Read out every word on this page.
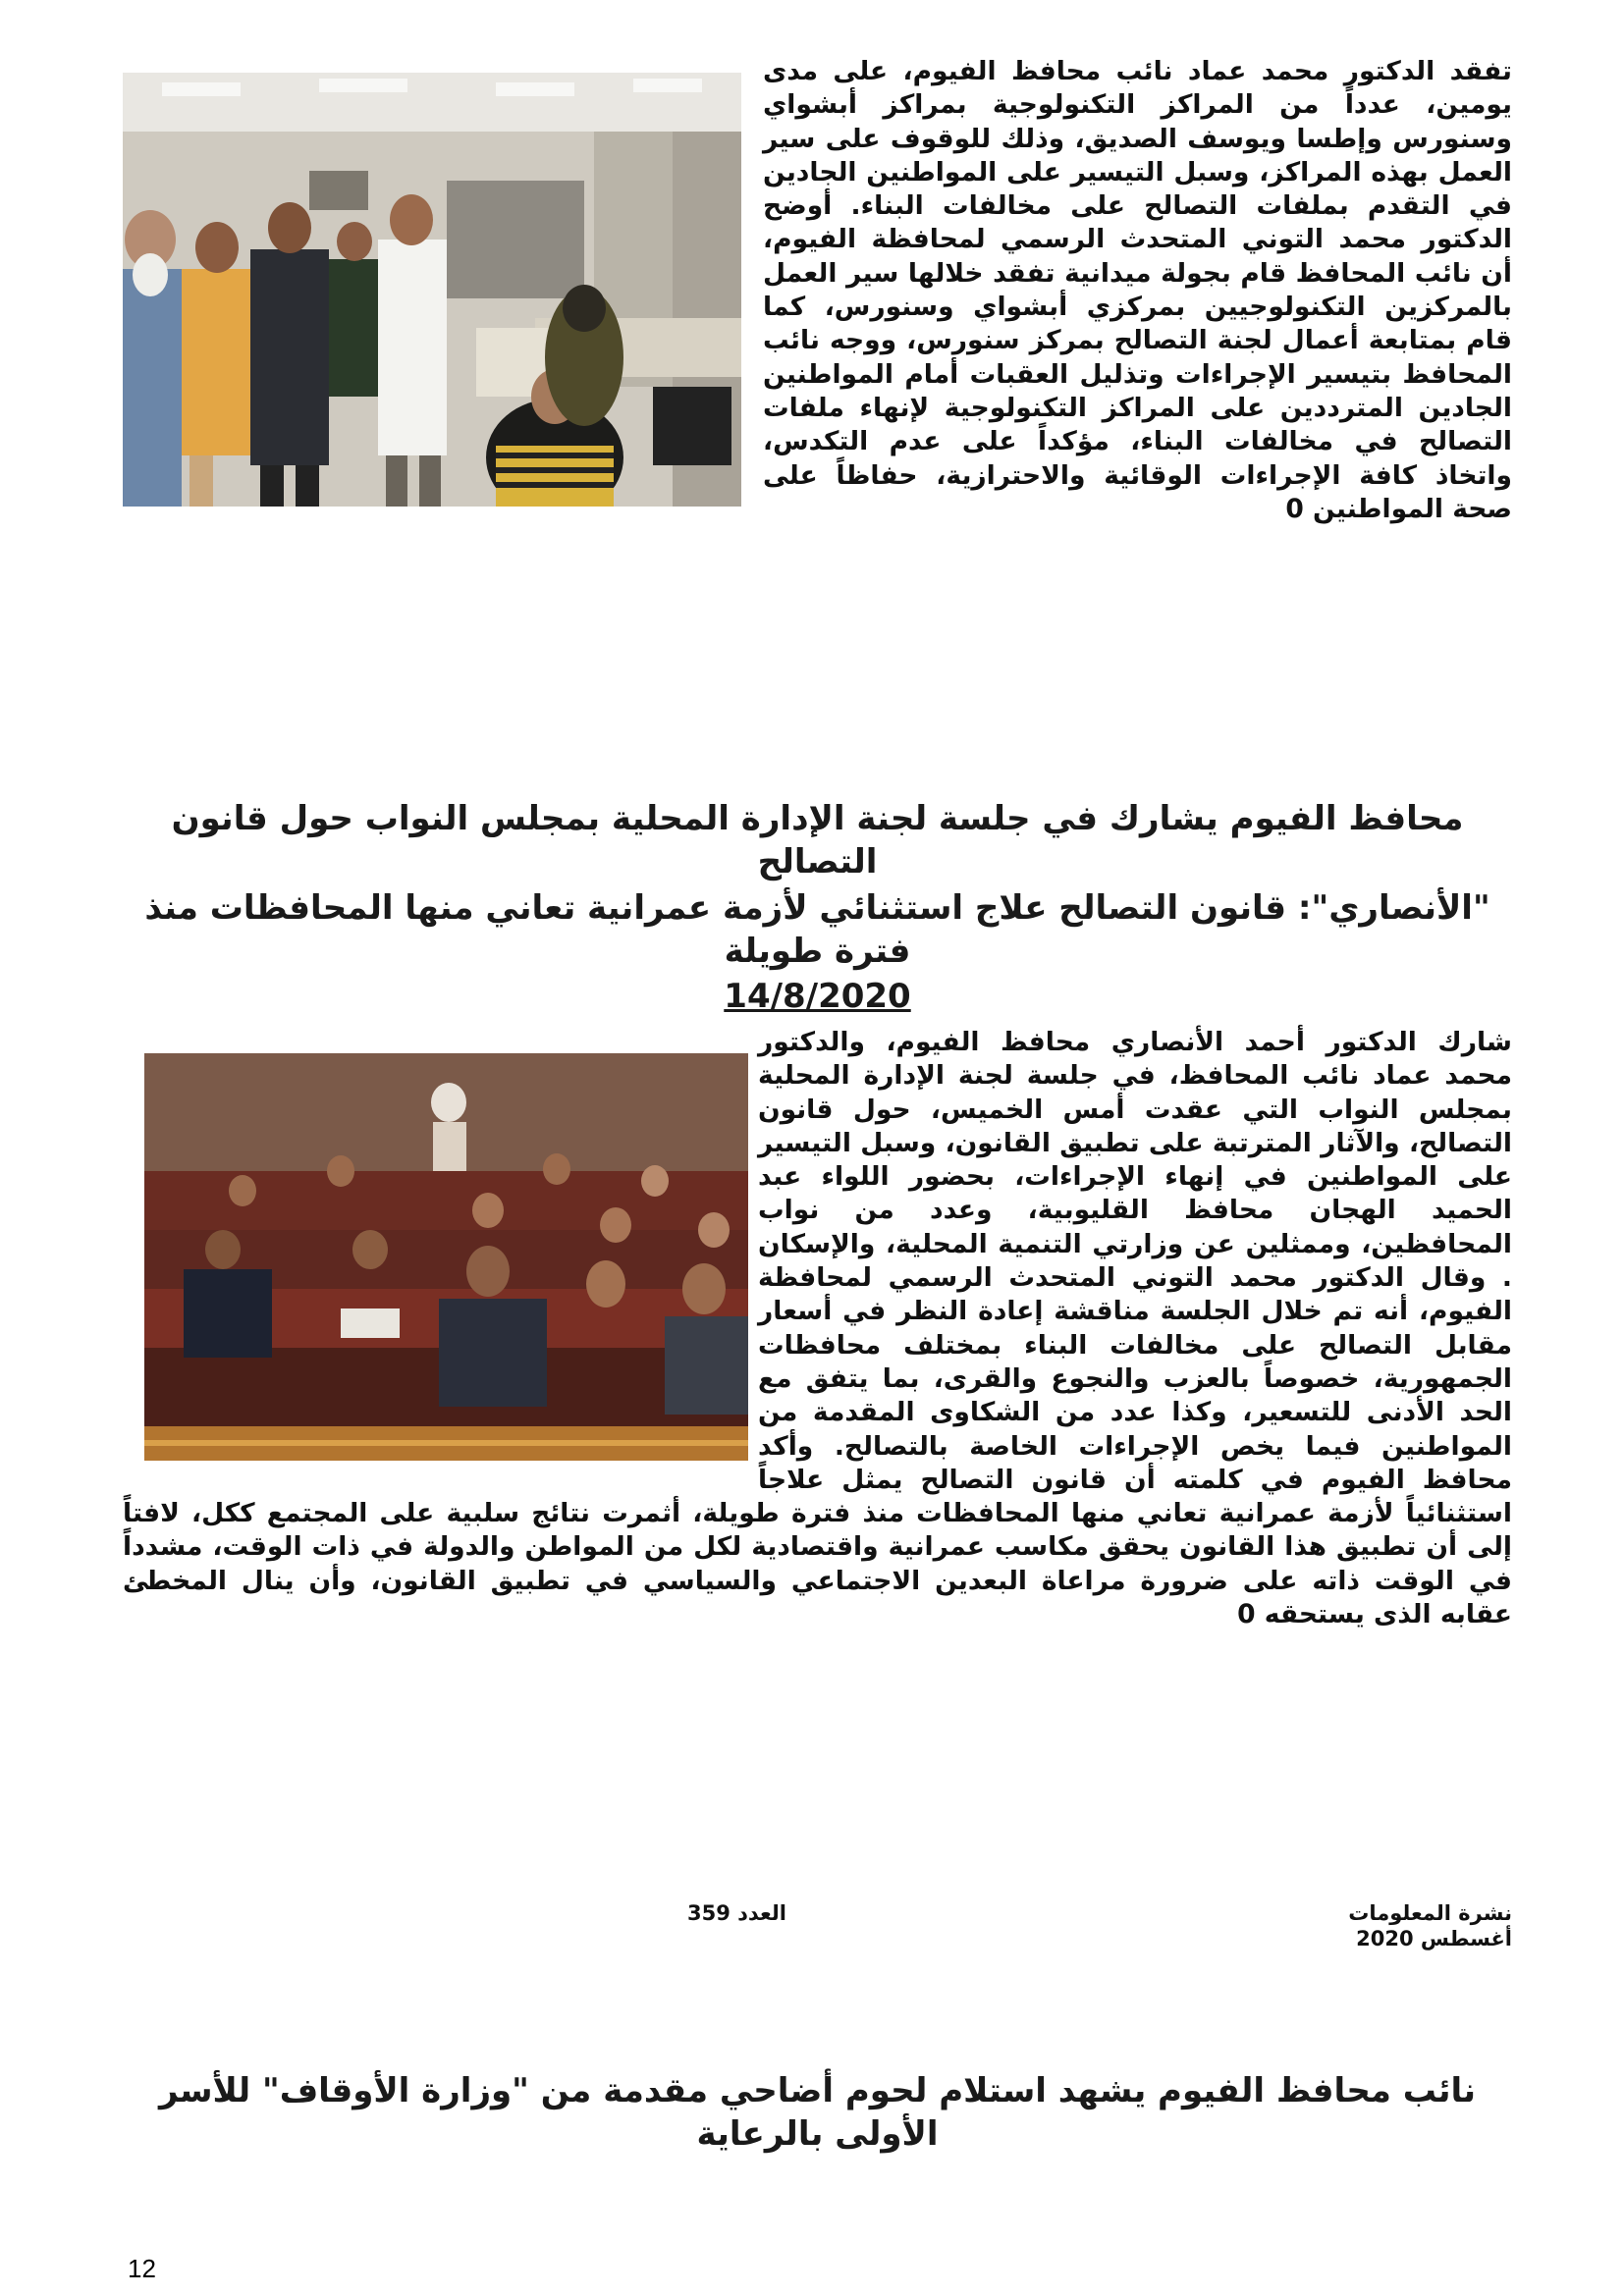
تفقد الدكتور محمد عماد نائب محافظ الفيوم، على مدى يومين، عدداً من المراكز التكنولوجية بمراكز أبشواي وسنورس وإطسا ويوسف الصديق، وذلك للوقوف على سير العمل بهذه المراكز، وسبل التيسير على المواطنين الجادين في التقدم بملفات التصالح على مخالفات البناء. أوضح الدكتور محمد التوني المتحدث الرسمي لمحافظة الفيوم، أن نائب المحافظ قام بجولة ميدانية تفقد خلالها سير العمل بالمركزين التكنولوجيين بمركزي أبشواي وسنورس، كما قام بمتابعة أعمال لجنة التصالح بمركز سنورس، ووجه نائب المحافظ بتيسير الإجراءات وتذليل العقبات أمام المواطنين الجادين المترددين على المراكز التكنولوجية لإنهاء ملفات التصالح في مخالفات البناء، مؤكداً على عدم التكدس، واتخاذ كافة الإجراءات الوقائية والاحترازية، حفاظاً على صحة المواطنين 0
محافظ الفيوم يشارك في جلسة لجنة الإدارة المحلية بمجلس النواب حول قانون التصالح
"الأنصاري": قانون التصالح علاج استثنائي لأزمة عمرانية تعاني منها المحافظات منذ فترة طويلة
14/8/2020
شارك الدكتور أحمد الأنصاري محافظ الفيوم، والدكتور محمد عماد نائب المحافظ، في جلسة لجنة الإدارة المحلية بمجلس النواب التي عقدت أمس الخميس، حول قانون التصالح، والآثار المترتبة على تطبيق القانون، وسبل التيسير على المواطنين في إنهاء الإجراءات، بحضور اللواء عبد الحميد الهجان محافظ القليوبية، وعدد من نواب المحافظين، وممثلين عن وزارتي التنمية المحلية، والإسكان . وقال الدكتور محمد التوني المتحدث الرسمي لمحافظة الفيوم، أنه تم خلال الجلسة مناقشة إعادة النظر في أسعار مقابل التصالح على مخالفات البناء بمختلف محافظات الجمهورية، خصوصاً بالعزب والنجوع والقرى، بما يتفق مع الحد الأدنى للتسعير، وكذا عدد من الشكاوى المقدمة من المواطنين فيما يخص الإجراءات الخاصة بالتصالح. وأكد محافظ الفيوم في كلمته أن قانون التصالح يمثل علاجاً استثنائياً لأزمة عمرانية تعاني منها المحافظات منذ فترة طويلة، أثمرت نتائج سلبية على المجتمع ككل، لافتاً إلى أن تطبيق هذا القانون يحقق مكاسب عمرانية واقتصادية لكل من المواطن والدولة في ذات الوقت، مشدداً في الوقت ذاته على ضرورة مراعاة البعدين الاجتماعي والسياسي في تطبيق القانون، وأن ينال المخطئ عقابه الذى يستحقه 0
نشرة المعلومات
أغسطس 2020
العدد 359
نائب محافظ الفيوم يشهد استلام لحوم أضاحي مقدمة من "وزارة الأوقاف" للأسر الأولى بالرعاية
12
